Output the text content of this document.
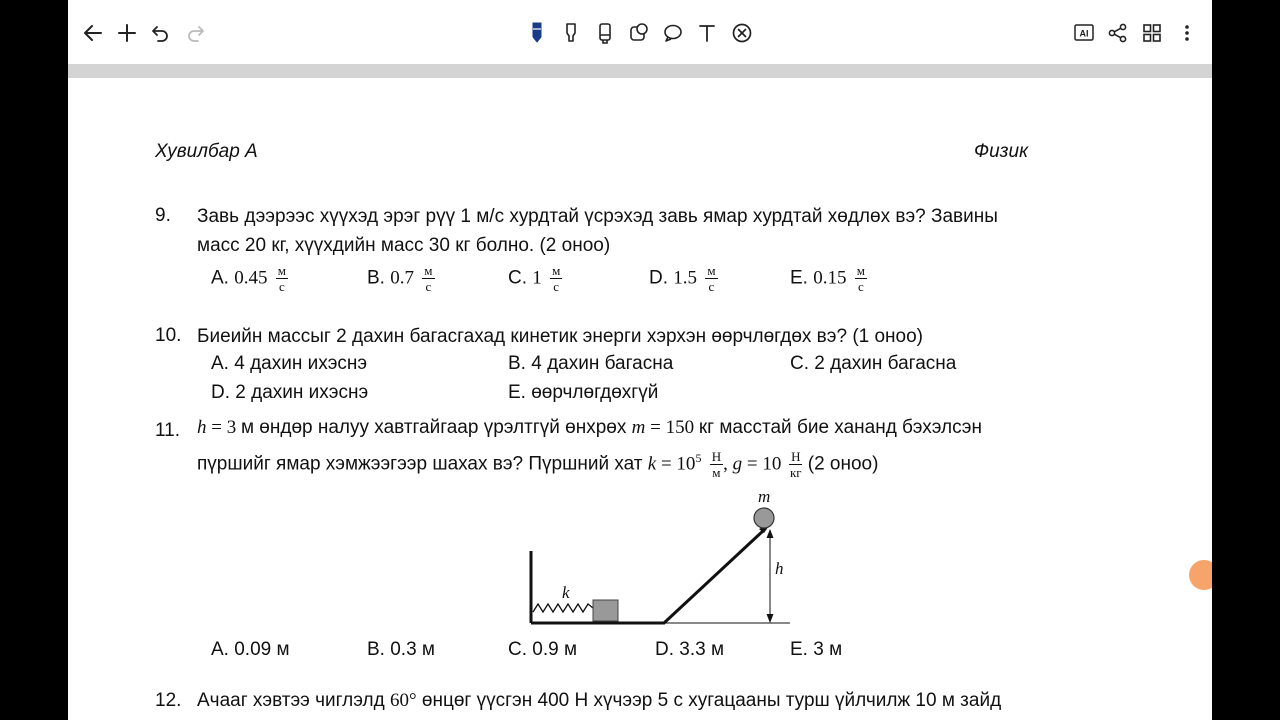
AI
Хувилбар А	Физик
9. Завь дээрээс хүүхэд эрэг рүү 1 м/с хурдтай үсрэхэд завь ямар хурдтай хөдлөх вэ? Завины
масс 20 кг, хүүхдийн масс 30 кг болно. (2 оноо)
A. $0.45 \frac{м}{с}$	B. $0.7 \frac{м}{с}$	C. $1 \frac{м}{с}$	D. $1.5 \frac{м}{с}$	E. $0.15 \frac{м}{с}$
10. Биеийн массыг 2 дахин багасгахад кинетик энерги хэрхэн өөрчлөгдөх вэ? (1 оноо)
A. 4 дахин ихэснэ	B. 4 дахин багасна	C. 2 дахин багасна
D. 2 дахин ихэснэ	E. өөрчлөгдөхгүй
11. h = 3 м өндөр налуу хавтгайгаар үрэлтгүй өнхрөх m = 150 кг масстай бие хананд бэхэлсэн
пүршийг ямар хэмжээгээр шахах вэ? Пүршний хат $k = 10^5 \frac{Н}{м}$ , $g = 10 \frac{Н}{кг} (2$ оноо)
k
m
h
A. 0.09 м	B. 0.3 м	C. 0.9 м	D. 3.3 м	E. 3 м
12. Ачааг хэвтээ чиглэлд 60° өнцөг үүсгэн 400 Н хүчээр 5 с хугацааны турш үйлчилж 10 м зайд
